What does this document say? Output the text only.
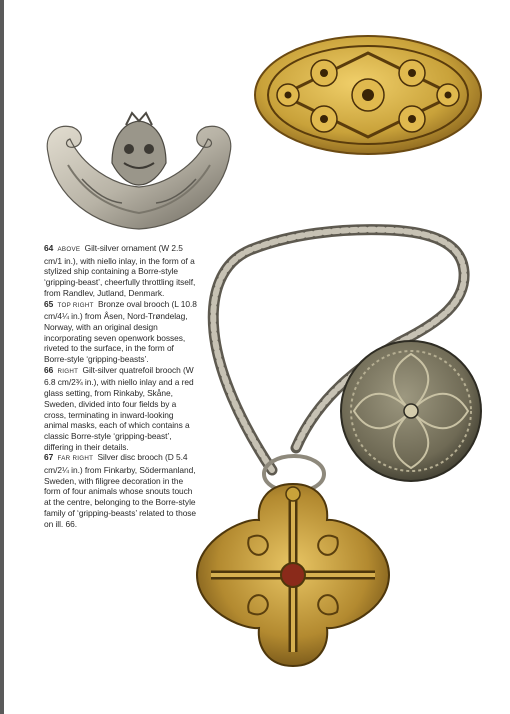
64 ABOVE Gilt-silver ornament (W 2.5 cm/1 in.), with niello inlay, in the form of a stylized ship containing a Borre-style ‘gripping-beast’, cheerfully throttling itself, from Randlev, Jutland, Denmark.

65 TOP RIGHT Bronze oval brooch (L 10.8 cm/4¼ in.) from Åsen, Nord-Trøndelag, Norway, with an original design incorporating seven openwork bosses, riveted to the surface, in the form of Borre-style ‘gripping-beasts’.

66 RIGHT Gilt-silver quatrefoil brooch (W 6.8 cm/2¾ in.), with niello inlay and a red glass setting, from Rinkaby, Skåne, Sweden, divided into four fields by a cross, terminating in inward-looking animal masks, each of which contains a classic Borre-style ‘gripping-beast’, differing in their details.

67 FAR RIGHT Silver disc brooch (D 5.4 cm/2¼ in.) from Finkarby, Södermanland, Sweden, with filigree decoration in the form of four animals whose snouts touch at the centre, belonging to the Borre-style family of ‘gripping-beasts’ related to those on ill. 66.
